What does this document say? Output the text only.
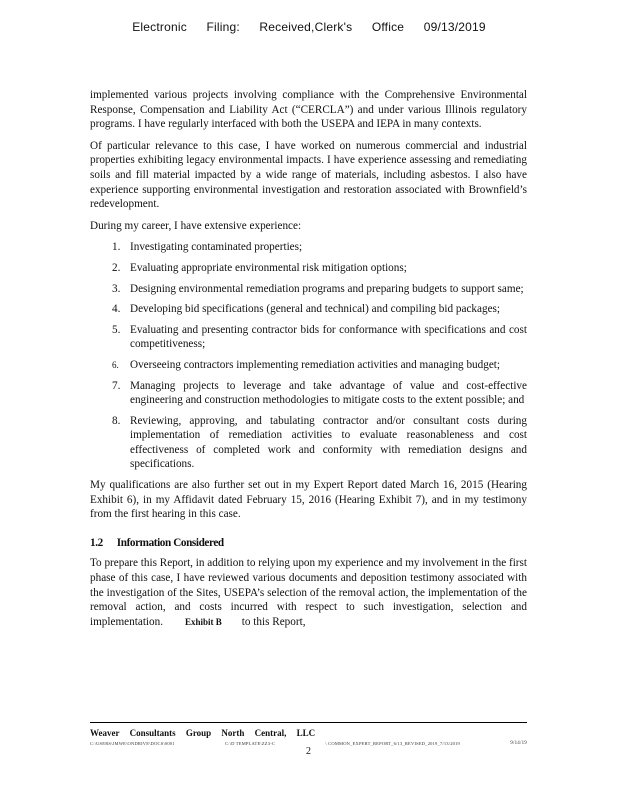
Electronic Filing: Received,Clerk's Office 09/13/2019

implemented various projects involving compliance with the Comprehensive Environmental Response, Compensation and Liability Act (“CERCLA”) and under various Illinois regulatory programs. I have regularly interfaced with both the USEPA and IEPA in many contexts.

Of particular relevance to this case, I have worked on numerous commercial and industrial properties exhibiting legacy environmental impacts. I have experience assessing and remediating soils and fill material impacted by a wide range of materials, including asbestos. I also have experience supporting environmental investigation and restoration associated with Brownfield’s redevelopment.

During my career, I have extensive experience:

1. Investigating contaminated properties;
2. Evaluating appropriate environmental risk mitigation options;
3. Designing environmental remediation programs and preparing budgets to support same;
4. Developing bid specifications (general and technical) and compiling bid packages;
5. Evaluating and presenting contractor bids for conformance with specifications and cost competitiveness;
6. Overseeing contractors implementing remediation activities and managing budget;
7. Managing projects to leverage and take advantage of value and cost-effective engineering and construction methodologies to mitigate costs to the extent possible; and
8. Reviewing, approving, and tabulating contractor and/or consultant costs during implementation of remediation activities to evaluate reasonableness and cost effectiveness of completed work and conformity with remediation designs and specifications.

My qualifications are also further set out in my Expert Report dated March 16, 2015 (Hearing Exhibit 6), in my Affidavit dated February 15, 2016 (Hearing Exhibit 7), and in my testimony from the first hearing in this case.

1.2 Information Considered

To prepare this Report, in addition to relying upon my experience and my involvement in the first phase of this case, I have reviewed various documents and deposition testimony associated with the investigation of the Sites, USEPA’s selection of the removal action, the implementation of the removal action, and costs incurred with respect to such investigation, selection and implementation. Exhibit B to this Report,

Weaver Consultants Group North Central, LLC
C:\USERS\JMWE\ONDRIVE\DOCS\0001	C:\D TEMPLATE\ZZ3-C	\ COMMON_EXPERT_REPORT_6/13_REVISED_2019_7/13/2019	9/14/19
2
